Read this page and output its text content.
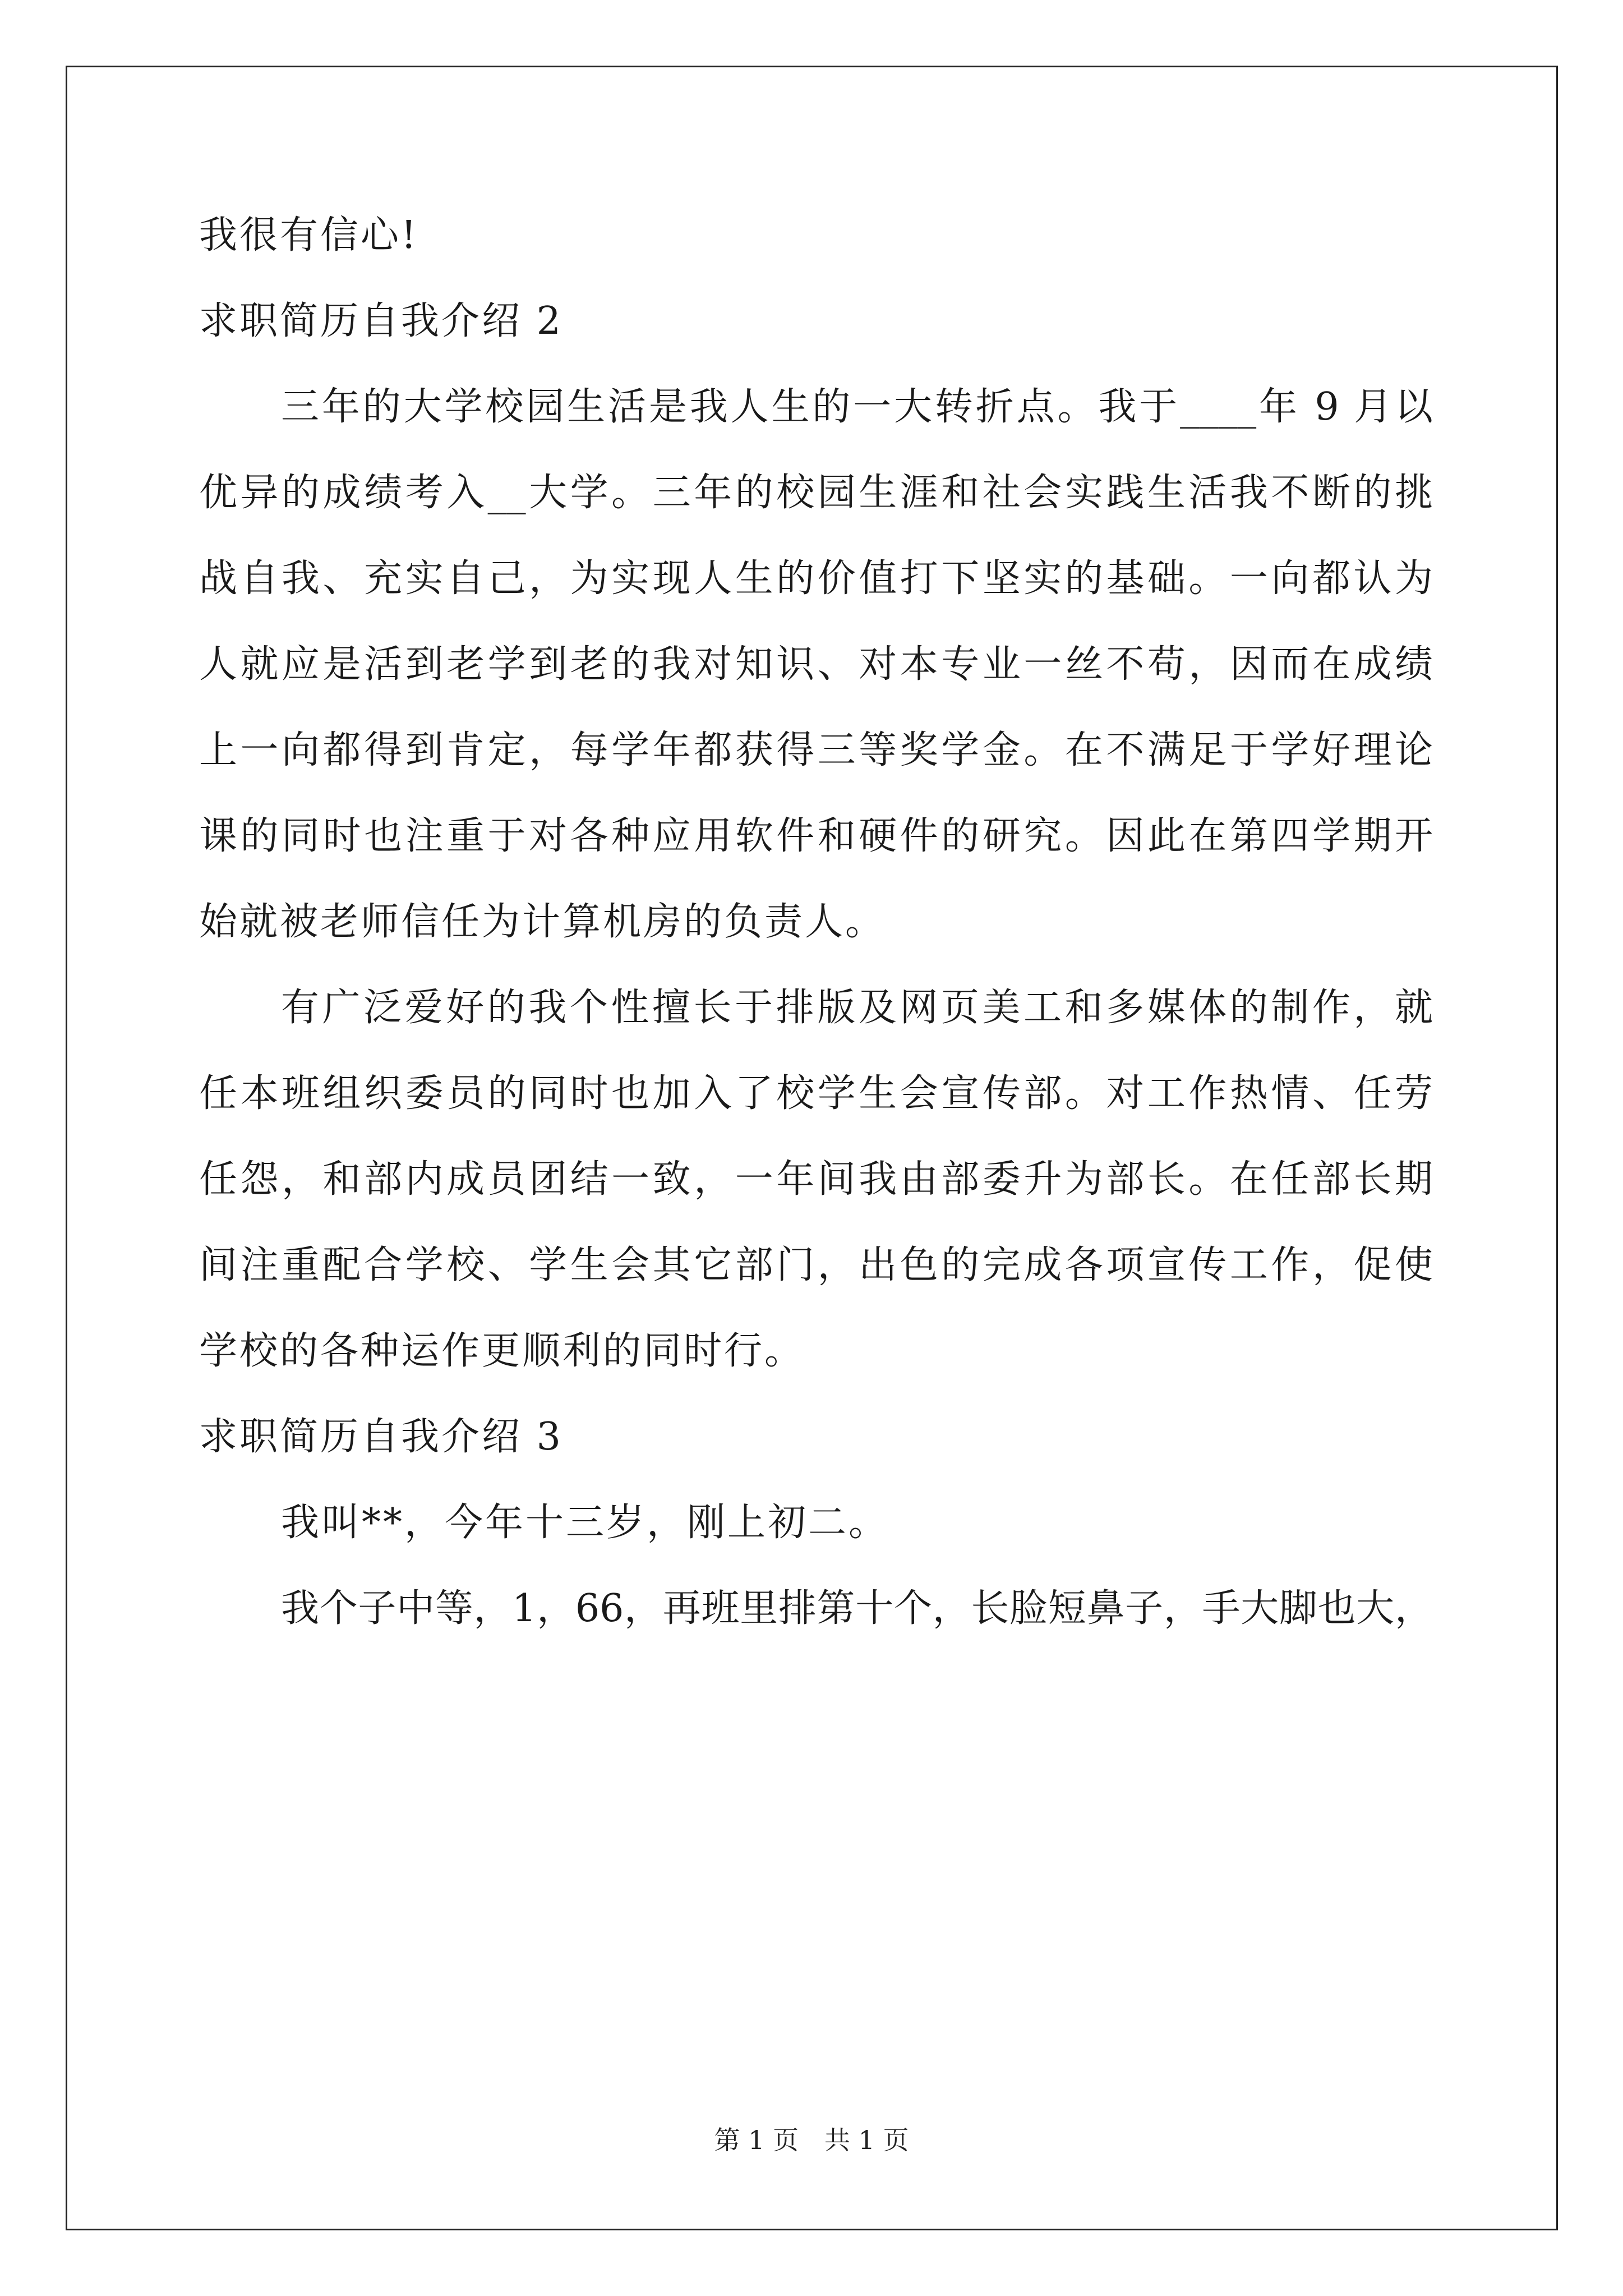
我很有信心!
求职简历自我介绍 2
三年的大学校园生活是我人生的一大转折点。我于____年 9 月以
优异的成绩考入__大学。三年的校园生涯和社会实践生活我不断的挑
战自我、充实自己，为实现人生的价值打下坚实的基础。一向都认为
人就应是活到老学到老的我对知识、对本专业一丝不苟，因而在成绩
上一向都得到肯定，每学年都获得三等奖学金。在不满足于学好理论
课的同时也注重于对各种应用软件和硬件的研究。因此在第四学期开
始就被老师信任为计算机房的负责人。
有广泛爱好的我个性擅长于排版及网页美工和多媒体的制作，就
任本班组织委员的同时也加入了校学生会宣传部。对工作热情、任劳
任怨，和部内成员团结一致，一年间我由部委升为部长。在任部长期
间注重配合学校、学生会其它部门，出色的完成各项宣传工作，促使
学校的各种运作更顺利的同时行。
求职简历自我介绍 3
我叫**，今年十三岁，刚上初二。
我个子中等，1，66，再班里排第十个，长脸短鼻子，手大脚也大，
第 1 页　共 1 页
